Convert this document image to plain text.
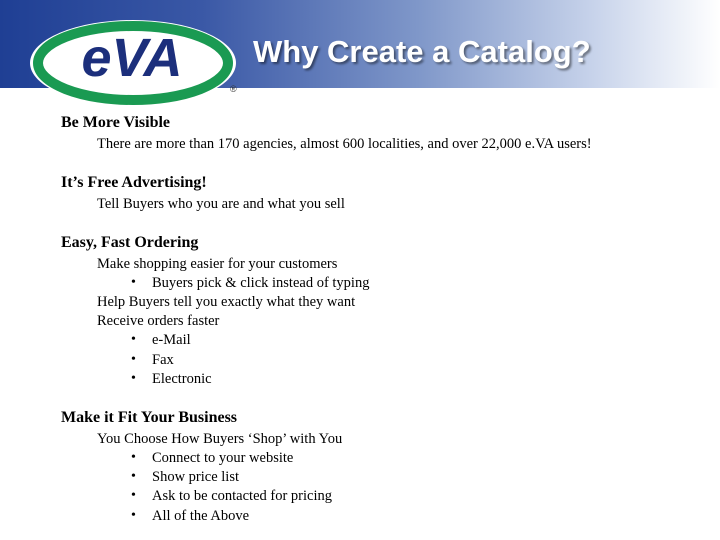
eVA
®
Why Create a Catalog?
Be More Visible
There are more than 170 agencies, almost 600 localities, and over 22,000 e.VA users!
It’s Free Advertising!
Tell Buyers who you are and what you sell
Easy, Fast Ordering
Make shopping easier for your customers
• Buyers pick & click instead of typing
Help Buyers tell you exactly what they want
Receive orders faster
• e-Mail
• Fax
• Electronic
Make it Fit Your Business
You Choose How Buyers ‘Shop’ with You
• Connect to your website
• Show price list
• Ask to be contacted for pricing
• All of the Above
